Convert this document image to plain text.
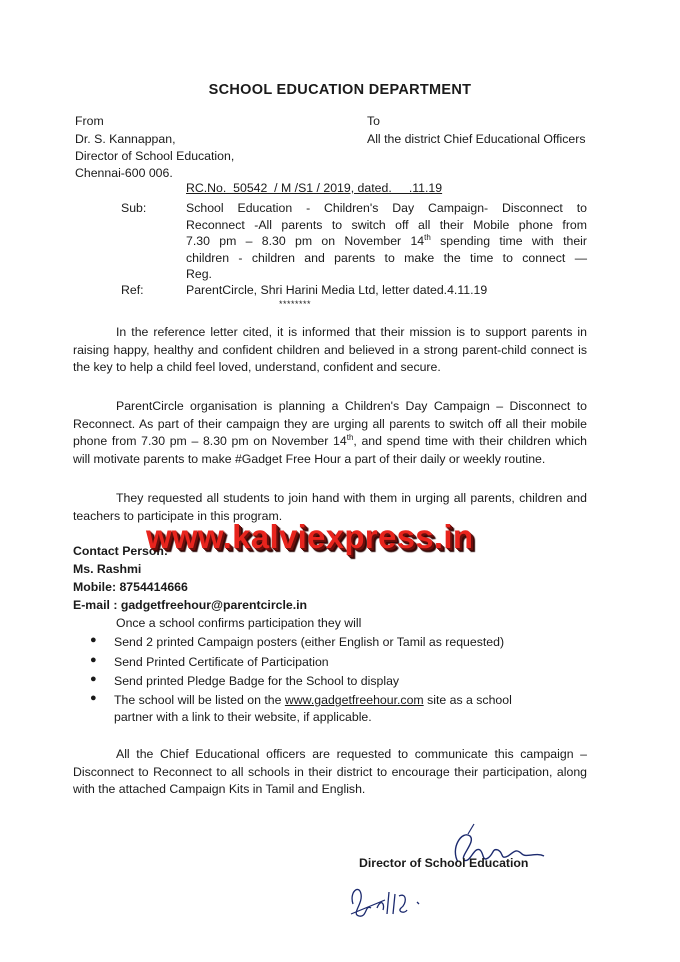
SCHOOL EDUCATION DEPARTMENT
From
Dr. S. Kannappan,
Director of School Education,
Chennai-600 006.
To
All the district Chief Educational Officers
RC.No.  50542  / M /S1 / 2019, dated.     .11.19
Sub:	School Education - Children's Day Campaign- Disconnect to
Reconnect -All parents to switch off all their Mobile phone from
7.30 pm – 8.30 pm on November 14th spending time with their
children - children and parents to make the time to connect —
Reg.
Ref:	ParentCircle, Shri Harini Media Ltd, letter dated.4.11.19
********
In the reference letter cited, it is informed that their mission is to support parents in raising happy, healthy and confident children and believed in a strong parent-child connect is the key to help a child feel loved, understand, confident and secure.
ParentCircle organisation is planning a Children's Day Campaign – Disconnect to Reconnect. As part of their campaign they are urging all parents to switch off all their mobile phone from 7.30 pm – 8.30 pm on November 14th, and spend time with their children which will motivate parents to make #Gadget Free Hour a part of their daily or weekly routine.
They requested all students to join hand with them in urging all parents, children and teachers to participate in this program.
Contact Person:
Ms. Rashmi
Mobile: 8754414666
E-mail : gadgetfreehour@parentcircle.in
www.kalviexpress.in
Once a school confirms participation they will
● Send 2 printed Campaign posters (either English or Tamil as requested)
● Send Printed Certificate of Participation
● Send printed Pledge Badge for the School to display
● The school will be listed on the www.gadgetfreehour.com site as a school
partner with a link to their website, if applicable.
All the Chief Educational officers are requested to communicate this campaign –Disconnect to Reconnect to all schools in their district to encourage their participation, along with the attached Campaign Kits in Tamil and English.
Director of School Education
